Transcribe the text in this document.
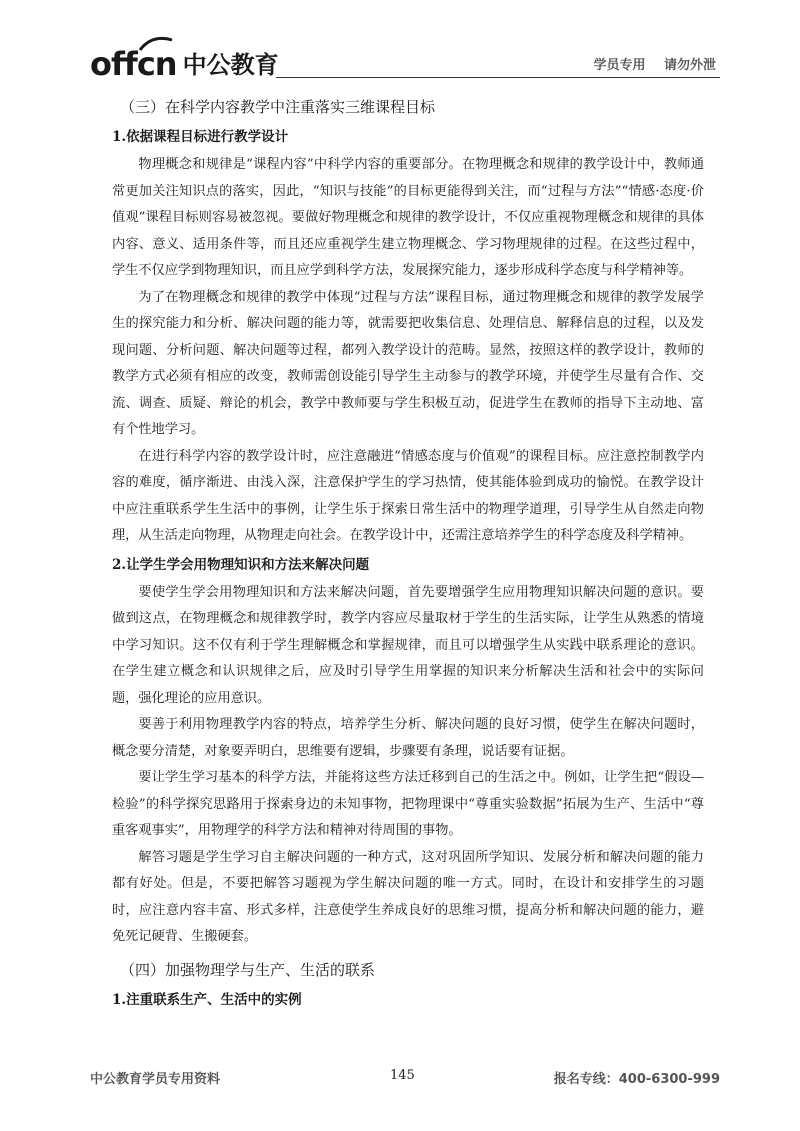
offcn 中公教育	学员专用 请勿外泄
（三）在科学内容教学中注重落实三维课程目标
1.依据课程目标进行教学设计

物理概念和规律是“课程内容”中科学内容的重要部分。在物理概念和规律的教学设计中，教师通常更加关注知识点的落实，因此，“知识与技能”的目标更能得到关注，而“过程与方法”“情感·态度·价值观”课程目标则容易被忽视。要做好物理概念和规律的教学设计，不仅应重视物理概念和规律的具体内容、意义、适用条件等，而且还应重视学生建立物理概念、学习物理规律的过程。在这些过程中，学生不仅应学到物理知识，而且应学到科学方法，发展探究能力，逐步形成科学态度与科学精神等。

为了在物理概念和规律的教学中体现“过程与方法”课程目标，通过物理概念和规律的教学发展学生的探究能力和分析、解决问题的能力等，就需要把收集信息、处理信息、解释信息的过程，以及发现问题、分析问题、解决问题等过程，都列入教学设计的范畴。显然，按照这样的教学设计，教师的教学方式必须有相应的改变，教师需创设能引导学生主动参与的教学环境，并使学生尽量有合作、交流、调查、质疑、辩论的机会，教学中教师要与学生积极互动，促进学生在教师的指导下主动地、富有个性地学习。

在进行科学内容的教学设计时，应注意融进“情感态度与价值观”的课程目标。应注意控制教学内容的难度，循序渐进、由浅入深，注意保护学生的学习热情，使其能体验到成功的愉悦。在教学设计中应注重联系学生生活中的事例，让学生乐于探索日常生活中的物理学道理，引导学生从自然走向物理，从生活走向物理，从物理走向社会。在教学设计中，还需注意培养学生的科学态度及科学精神。

2.让学生学会用物理知识和方法来解决问题

要使学生学会用物理知识和方法来解决问题，首先要增强学生应用物理知识解决问题的意识。要做到这点，在物理概念和规律教学时，教学内容应尽量取材于学生的生活实际，让学生从熟悉的情境中学习知识。这不仅有利于学生理解概念和掌握规律，而且可以增强学生从实践中联系理论的意识。在学生建立概念和认识规律之后，应及时引导学生用掌握的知识来分析解决生活和社会中的实际问题，强化理论的应用意识。

要善于利用物理教学内容的特点，培养学生分析、解决问题的良好习惯，使学生在解决问题时，概念要分清楚，对象要弄明白，思维要有逻辑，步骤要有条理，说话要有证据。

要让学生学习基本的科学方法，并能将这些方法迁移到自己的生活之中。例如，让学生把“假设—检验”的科学探究思路用于探索身边的未知事物，把物理课中“尊重实验数据”拓展为生产、生活中“尊重客观事实”，用物理学的科学方法和精神对待周围的事物。

解答习题是学生学习自主解决问题的一种方式，这对巩固所学知识、发展分析和解决问题的能力都有好处。但是，不要把解答习题视为学生解决问题的唯一方式。同时，在设计和安排学生的习题时，应注意内容丰富、形式多样，注意使学生养成良好的思维习惯，提高分析和解决问题的能力，避免死记硬背、生搬硬套。

（四）加强物理学与生产、生活的联系
1.注重联系生产、生活中的实例
中公教育学员专用资料	145	报名专线：400-6300-999
